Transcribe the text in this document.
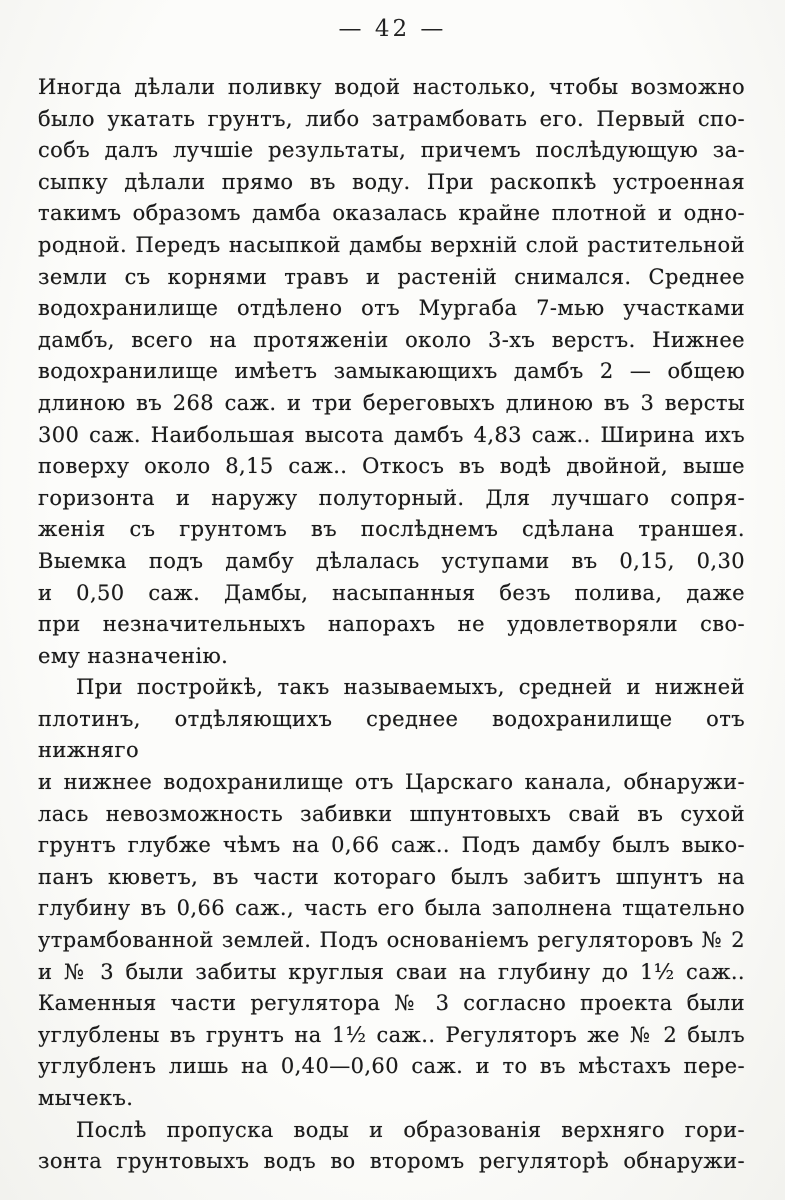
— 42 —
Иногда дѣлали поливку водой настолько, чтобы возможно
было укатать грунтъ, либо затрамбовать его. Первый спо-
собъ далъ лучшіе результаты, причемъ послѣдующую за-
сыпку дѣлали прямо въ воду. При раскопкѣ устроенная
такимъ образомъ дамба оказалась крайне плотной и одно-
родной. Передъ насыпкой дамбы верхній слой растительной
земли съ корнями травъ и растеній снимался. Среднее
водохранилище отдѣлено отъ Мургаба 7-мью участками
дамбъ, всего на протяженіи около 3-хъ верстъ. Нижнее
водохранилище имѣетъ замыкающихъ дамбъ 2 — общею
длиною въ 268 саж. и три береговыхъ длиною въ 3 версты
300 саж. Наибольшая высота дамбъ 4,83 саж.. Ширина ихъ
поверху около 8,15 саж.. Откосъ въ водѣ двойной, выше
горизонта и наружу полуторный. Для лучшаго сопря-
женія съ грунтомъ въ послѣднемъ сдѣлана траншея.
Выемка подъ дамбу дѣлалась уступами въ 0,15, 0,30
и 0,50 саж. Дамбы, насыпанныя безъ полива, даже
при незначительныхъ напорахъ не удовлетворяли сво-
ему назначенію.
При постройкѣ, такъ называемыхъ, средней и нижней
плотинъ, отдѣляющихъ среднее водохранилище отъ нижняго
и нижнее водохранилище отъ Царскаго канала, обнаружи-
лась невозможность забивки шпунтовыхъ свай въ сухой
грунтъ глубже чѣмъ на 0,66 саж.. Подъ дамбу былъ выко-
панъ кюветъ, въ части котораго былъ забитъ шпунтъ на
глубину въ 0,66 саж., часть его была заполнена тщательно
утрамбованной землей. Подъ основаніемъ регуляторовъ № 2
и № 3 были забиты круглыя сваи на глубину до 1½ саж..
Каменныя части регулятора № 3 согласно проекта были
углублены въ грунтъ на 1½ саж.. Регуляторъ же № 2 былъ
углубленъ лишь на 0,40—0,60 саж. и то въ мѣстахъ пере-
мычекъ.
Послѣ пропуска воды и образованія верхняго гори-
зонта грунтовыхъ водъ во второмъ регуляторѣ обнаружи-
